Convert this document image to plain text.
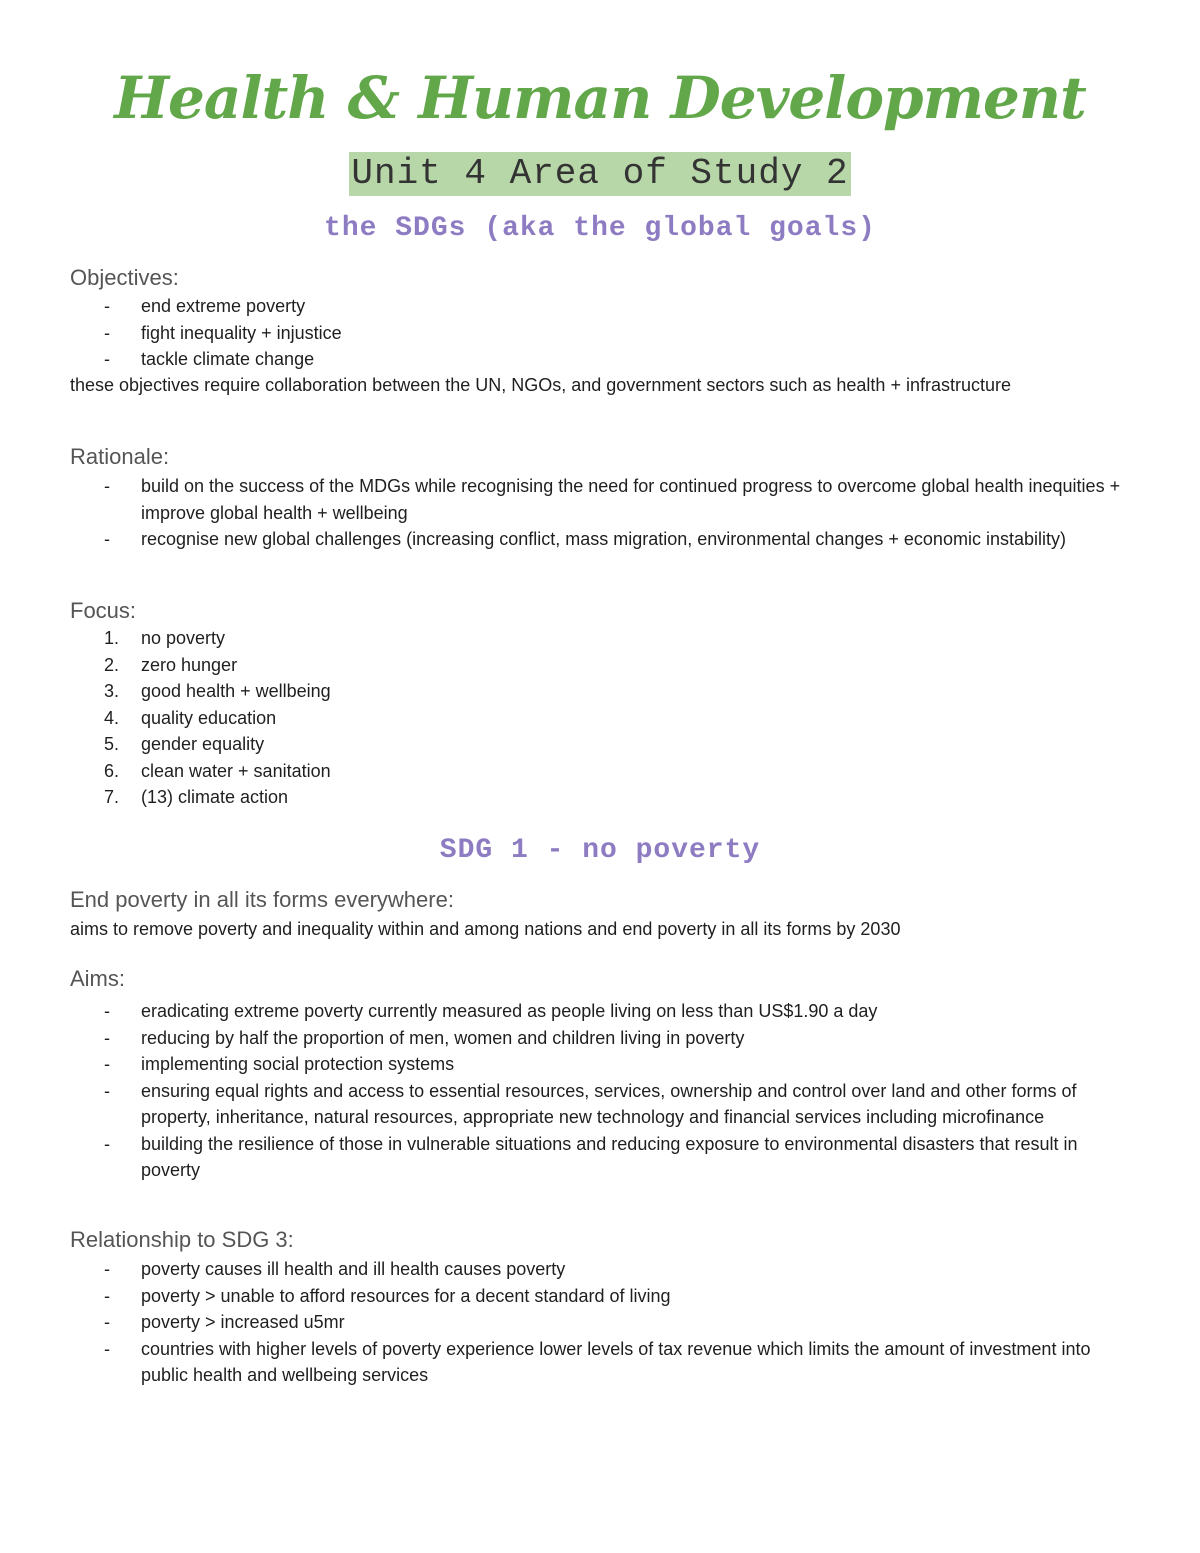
Health & Human Development
Unit 4 Area of Study 2
the SDGs (aka the global goals)
Objectives:
-	end extreme poverty
-	fight inequality + injustice
-	tackle climate change
these objectives require collaboration between the UN, NGOs, and government sectors such as health + infrastructure
Rationale:
-	build on the success of the MDGs while recognising the need for continued progress to overcome global health inequities + improve global health + wellbeing
-	recognise new global challenges (increasing conflict, mass migration, environmental changes + economic instability)
Focus:
1.	no poverty
2.	zero hunger
3.	good health + wellbeing
4.	quality education
5.	gender equality
6.	clean water + sanitation
7.	(13) climate action
SDG 1 - no poverty
End poverty in all its forms everywhere:
aims to remove poverty and inequality within and among nations and end poverty in all its forms by 2030
Aims:
-	eradicating extreme poverty currently measured as people living on less than US$1.90 a day
-	reducing by half the proportion of men, women and children living in poverty
-	implementing social protection systems
-	ensuring equal rights and access to essential resources, services, ownership and control over land and other forms of property, inheritance, natural resources, appropriate new technology and financial services including microfinance
-	building the resilience of those in vulnerable situations and reducing exposure to environmental disasters that result in poverty
Relationship to SDG 3:
-	poverty causes ill health and ill health causes poverty
-	poverty > unable to afford resources for a decent standard of living
-	poverty > increased u5mr
-	countries with higher levels of poverty experience lower levels of tax revenue which limits the amount of investment into public health and wellbeing services
